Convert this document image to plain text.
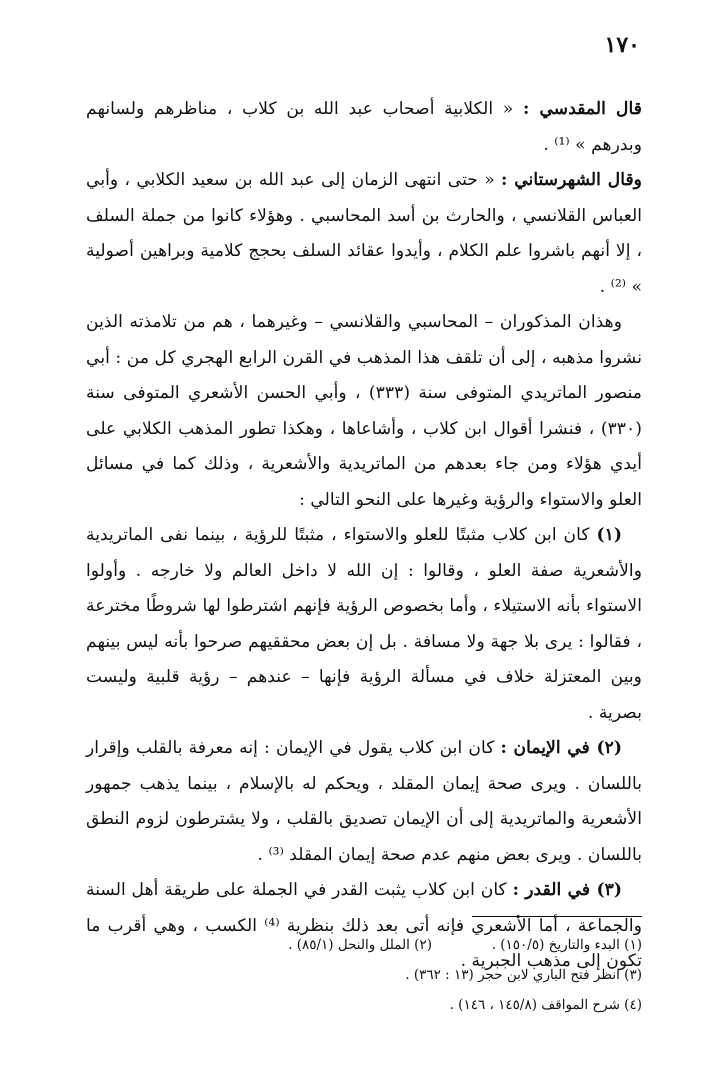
١٧٠

قال المقدسي : « الكلابية أصحاب عبد الله بن كلاب ، مناظرهم ولسانهم وبدرهم » ⁽¹⁾ .

وقال الشهرستاني : « حتى انتهى الزمان إلى عبد الله بن سعيد الكلابي ، وأبي العباس القلانسي ، والحارث بن أسد المحاسبي . وهؤلاء كانوا من جملة السلف ، إلا أنهم باشروا علم الكلام ، وأيدوا عقائد السلف بحجج كلامية وبراهين أصولية » ⁽²⁾ .

وهذان المذكوران – المحاسبي والقلانسي – وغيرهما ، هم من تلامذته الذين نشروا مذهبه ، إلى أن تلقف هذا المذهب في القرن الرابع الهجري كل من : أبي منصور الماتريدي المتوفى سنة (٣٣٣) ، وأبي الحسن الأشعري المتوفى سنة (٣٣٠) ، فنشرا أقوال ابن كلاب ، وأشاعاها ، وهكذا تطور المذهب الكلابي على أيدي هؤلاء ومن جاء بعدهم من الماتريدية والأشعرية ، وذلك كما في مسائل العلو والاستواء والرؤية وغيرها على النحو التالي :

(١) كان ابن كلاب مثبتًا للعلو والاستواء ، مثبتًا للرؤية ، بينما نفى الماتريدية والأشعرية صفة العلو ، وقالوا : إن الله لا داخل العالم ولا خارجه . وأولوا الاستواء بأنه الاستيلاء ، وأما بخصوص الرؤية فإنهم اشترطوا لها شروطًا مخترعة ، فقالوا : يرى بلا جهة ولا مسافة . بل إن بعض محققيهم صرحوا بأنه ليس بينهم وبين المعتزلة خلاف في مسألة الرؤية فإنها – عندهم – رؤية قلبية وليست بصرية .

(٢) في الإيمان : كان ابن كلاب يقول في الإيمان : إنه معرفة بالقلب وإقرار باللسان . ويرى صحة إيمان المقلد ، ويحكم له بالإسلام ، بينما يذهب جمهور الأشعرية والماتريدية إلى أن الإيمان تصديق بالقلب ، ولا يشترطون لزوم النطق باللسان . ويرى بعض منهم عدم صحة إيمان المقلد ⁽³⁾ .

(٣) في القدر : كان ابن كلاب يثبت القدر في الجملة على طريقة أهل السنة والجماعة ، أما الأشعري فإنه أتى بعد ذلك بنظرية ⁽⁴⁾ الكسب ، وهي أقرب ما تكون إلى مذهب الجبرية .

(١) البدء والتاريخ (١٥٠/٥) .
(٢) الملل والنحل (٨٥/١) .
(٣) انظر فتح الباري لابن حجر (١٣ : ٣٦٢) .
(٤) شرح المواقف (١٤٥/٨ ، ١٤٦) .
